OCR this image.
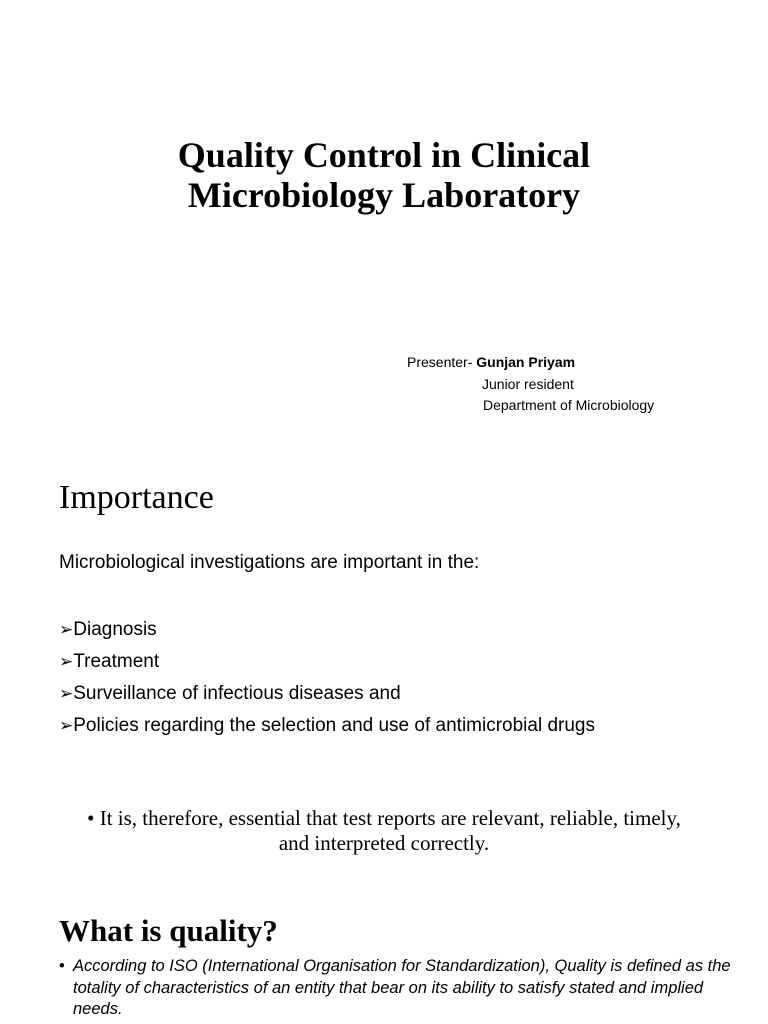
Quality Control in Clinical
Microbiology Laboratory
Presenter- Gunjan Priyam
Junior resident
Department of Microbiology
Importance
Microbiological investigations are important in the:
➢Diagnosis
➢Treatment
➢Surveillance of infectious diseases and
➢Policies regarding the selection and use of antimicrobial drugs
• It is, therefore, essential that test reports are relevant, reliable, timely,
and interpreted correctly.
What is quality?
• According to ISO (International Organisation for Standardization), Quality is defined as the totality of characteristics of an entity that bear on its ability to satisfy stated and implied needs.
